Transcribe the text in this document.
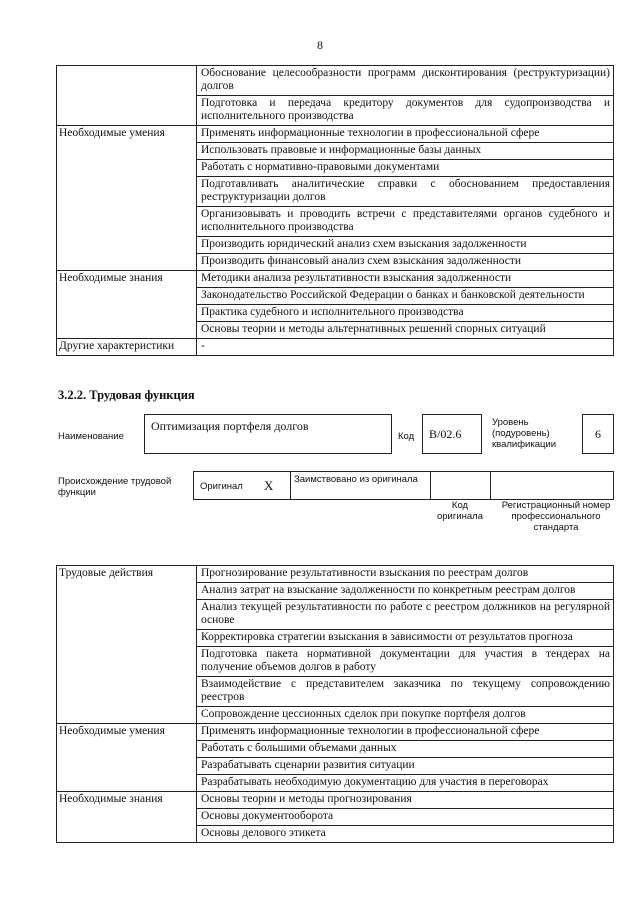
8
	Обоснование целесообразности программ дисконтирования (реструктуризации) долгов
	Подготовка и передача кредитору документов для судопроизводства и исполнительного производства
Необходимые умения	Применять информационные технологии в профессиональной сфере
	Использовать правовые и информационные базы данных
	Работать с нормативно-правовыми документами
	Подготавливать аналитические справки с обоснованием предоставления реструктуризации долгов
	Организовывать и проводить встречи с представителями органов судебного и исполнительного производства
	Производить юридический анализ схем взыскания задолженности
	Производить финансовый анализ схем взыскания задолженности
Необходимые знания	Методики анализа результативности взыскания задолженности
	Законодательство Российской Федерации о банках и банковской деятельности
	Практика судебного и исполнительного производства
	Основы теории и методы альтернативных решений спорных ситуаций
Другие характеристики	-
3.2.2. Трудовая функция
Наименование
Оптимизация портфеля долгов
Код	B/02.6
Уровень (подуровень) квалификации
6
Происхождение трудовой функции
Оригинал X Заимствовано из оригинала
Код оригинала
Регистрационный номер профессионального стандарта
Трудовые действия	Прогнозирование результативности взыскания по реестрам долгов
	Анализ затрат на взыскание задолженности по конкретным реестрам долгов
	Анализ текущей результативности по работе с реестром должников на регулярной основе
	Корректировка стратегии взыскания в зависимости от результатов прогноза
	Подготовка пакета нормативной документации для участия в тендерах на получение объемов долгов в работу
	Взаимодействие с представителем заказчика по текущему сопровождению реестров
	Сопровождение цессионных сделок при покупке портфеля долгов
Необходимые умения	Применять информационные технологии в профессиональной сфере
	Работать с большими объемами данных
	Разрабатывать сценарии развития ситуации
	Разрабатывать необходимую документацию для участия в переговорах
Необходимые знания	Основы теории и методы прогнозирования
	Основы документооборота
	Основы делового этикета
